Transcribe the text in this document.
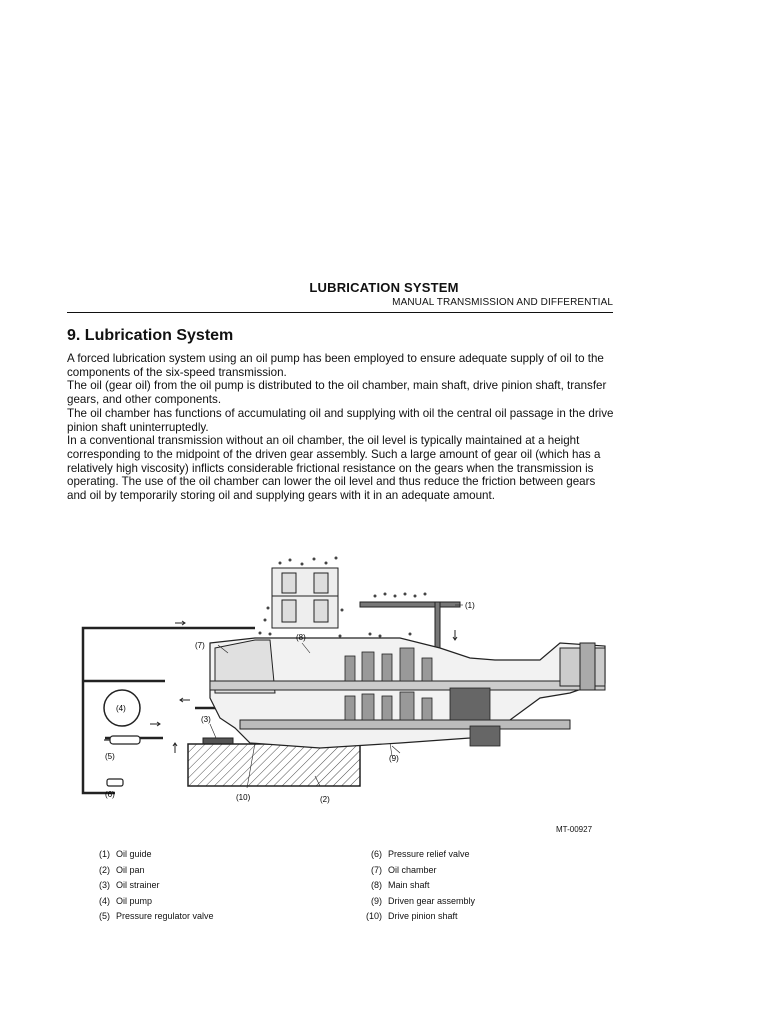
LUBRICATION SYSTEM
MANUAL TRANSMISSION AND DIFFERENTIAL
9. Lubrication System

A forced lubrication system using an oil pump has been employed to ensure adequate supply of oil to the components of the six-speed transmission.

The oil (gear oil) from the oil pump is distributed to the oil chamber, main shaft, drive pinion shaft, transfer gears, and other components.

The oil chamber has functions of accumulating oil and supplying with oil the central oil passage in the drive pinion shaft uninterruptedly.

In a conventional transmission without an oil chamber, the oil level is typically maintained at a height corresponding to the midpoint of the driven gear assembly. Such a large amount of gear oil (which has a relatively high viscosity) inflicts considerable frictional resistance on the gears when the transmission is operating. The use of the oil chamber can lower the oil level and thus reduce the friction between gears and oil by temporarily storing oil and supplying gears with it in an adequate amount.

(1)
(7)
(8)
(4)
(3)
(5)	(9)
(6)	(10)	(2)
MT-00927
(1) Oil guide
(2) Oil pan
(3) Oil strainer
(4) Oil pump
(5) Pressure regulator valve
(6) Pressure relief valve
(7) Oil chamber
(8) Main shaft
(9) Driven gear assembly
(10) Drive pinion shaft
